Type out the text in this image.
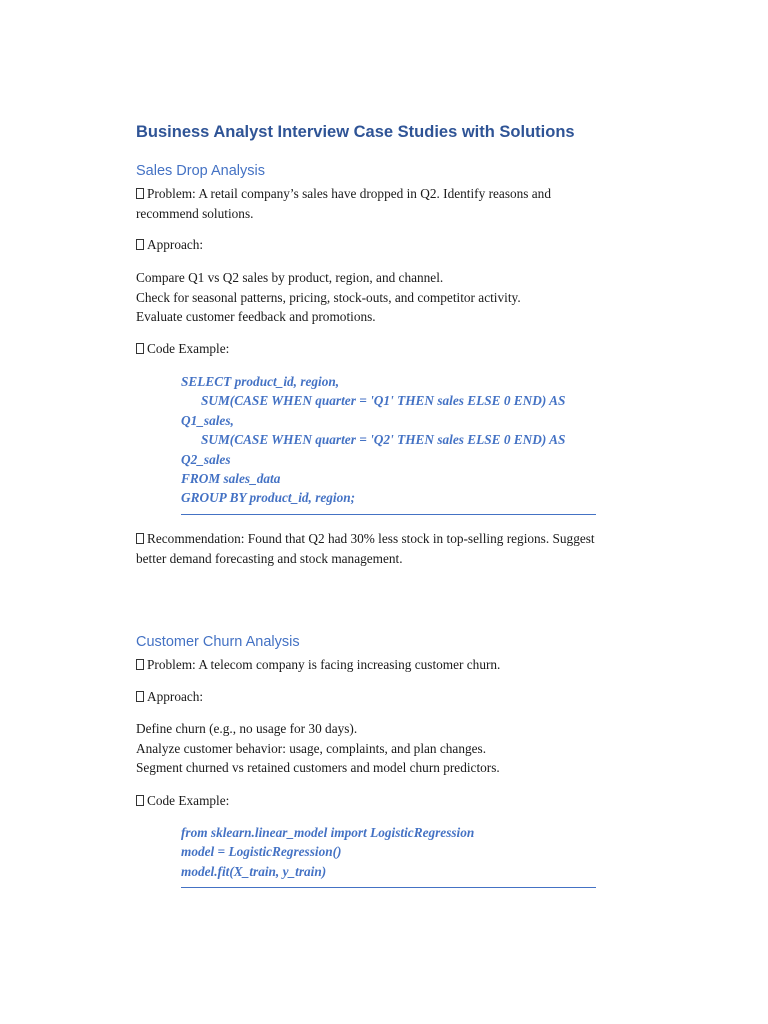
Business Analyst Interview Case Studies with Solutions
Sales Drop Analysis

Problem: A retail company’s sales have dropped in Q2. Identify reasons and
recommend solutions.

Approach:

Compare Q1 vs Q2 sales by product, region, and channel.
Check for seasonal patterns, pricing, stock-outs, and competitor activity.
Evaluate customer feedback and promotions.

Code Example:

SELECT product_id, region,
SUM(CASE WHEN quarter = 'Q1' THEN sales ELSE 0 END) AS
Q1_sales,
SUM(CASE WHEN quarter = 'Q2' THEN sales ELSE 0 END) AS
Q2_sales
FROM sales_data
GROUP BY product_id, region;

Recommendation: Found that Q2 had 30% less stock in top-selling regions. Suggest
better demand forecasting and stock management.

Customer Churn Analysis

Problem: A telecom company is facing increasing customer churn.

Approach:

Define churn (e.g., no usage for 30 days).
Analyze customer behavior: usage, complaints, and plan changes.
Segment churned vs retained customers and model churn predictors.

Code Example:

from sklearn.linear_model import LogisticRegression
model = LogisticRegression()
model.fit(X_train, y_train)
